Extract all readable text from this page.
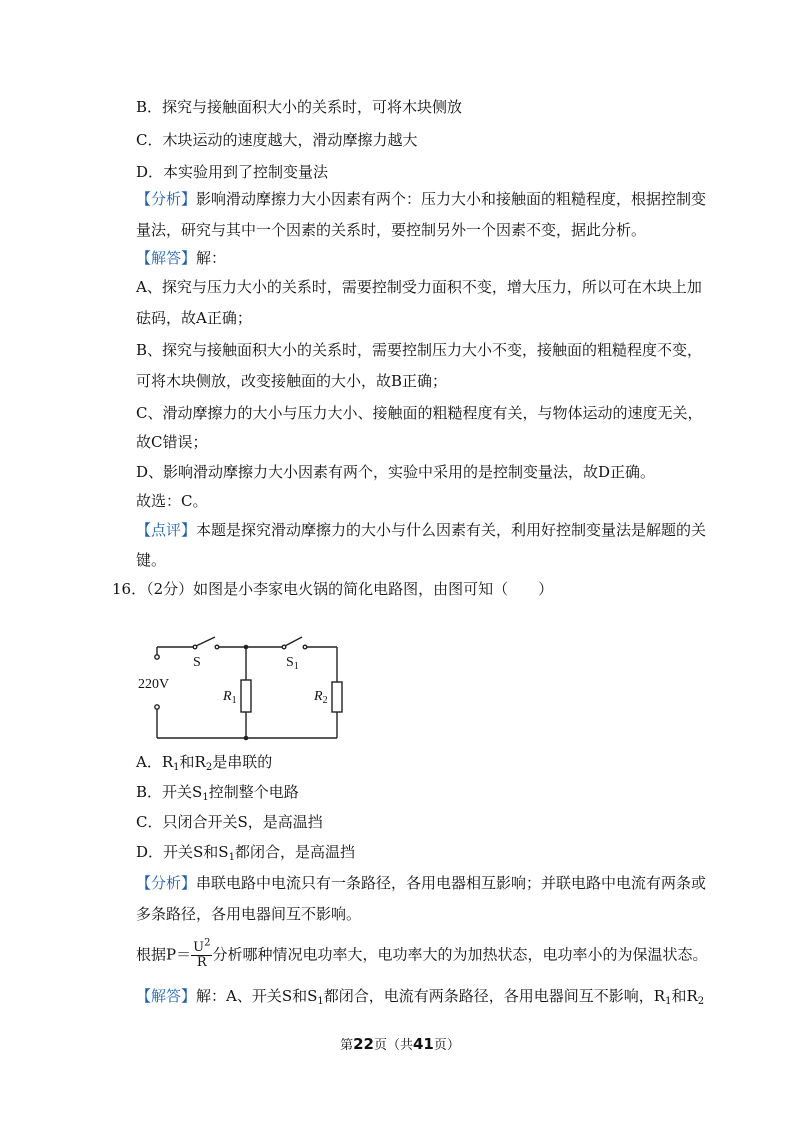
B．探究与接触面积大小的关系时，可将木块侧放
C．木块运动的速度越大，滑动摩擦力越大
D．本实验用到了控制变量法
【分析】影响滑动摩擦力大小因素有两个：压力大小和接触面的粗糙程度，根据控制变
量法，研究与其中一个因素的关系时，要控制另外一个因素不变，据此分析。
【解答】解：
A、探究与压力大小的关系时，需要控制受力面积不变，增大压力，所以可在木块上加
砝码，故A正确；
B、探究与接触面积大小的关系时，需要控制压力大小不变，接触面的粗糙程度不变，
可将木块侧放，改变接触面的大小，故B正确；
C、滑动摩擦力的大小与压力大小、接触面的粗糙程度有关，与物体运动的速度无关，
故C错误；
D、影响滑动摩擦力大小因素有两个，实验中采用的是控制变量法，故D正确。
故选：C。
【点评】本题是探究滑动摩擦力的大小与什么因素有关，利用好控制变量法是解题的关
键。
16．（2分）如图是小李家电火锅的简化电路图，由图可知（　　）
220V
S	$S_1$
$R_1$	$R_2$
A．$R_1$和$R_2$是串联的
B．开关$S_1$控制整个电路
C．只闭合开关S，是高温挡
D．开关S和$S_1$都闭合，是高温挡
【分析】串联电路中电流只有一条路径，各用电器相互影响；并联电路中电流有两条或
多条路径，各用电器间互不影响。
根据$P= \frac{U^2}{R}$ 分析哪种情况电功率大，电功率大的为加热状态，电功率小的为保温状态。
【解答】解：A、开关S和$S_1$都闭合，电流有两条路径，各用电器间互不影响，$R_1$和$R_2$
第22页（共41页）
